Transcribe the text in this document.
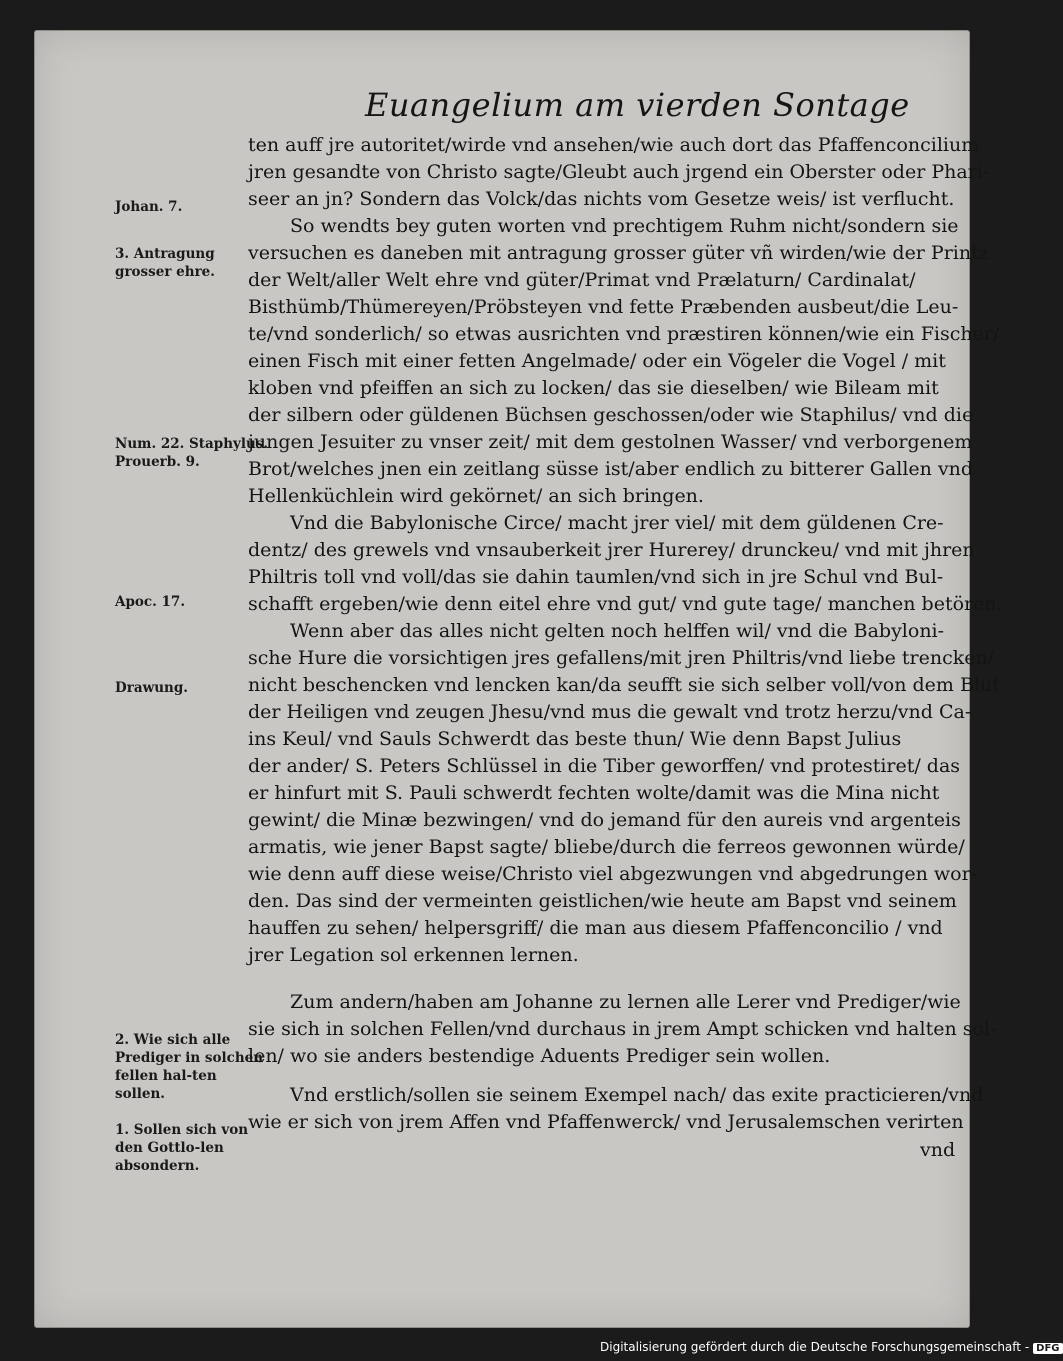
Euangelium am vierden Sontage
Johan. 7.
3. Antragung grosser ehre.
Num. 22. Staphylus. Prouerb. 9.
Apoc. 17.
Drawung.
2. Wie sich alle Prediger in solchen fellen hal-ten sollen.
1. Sollen sich von den Gottlo-len absondern.
ten auff jre autoritet/wirde vnd ansehen/wie auch dort das Pfaffenconcilium
jren gesandte von Christo sagte/Gleubt auch jrgend ein Oberster oder Phari-
seer an jn? Sondern das Volck/das nichts vom Gesetze weis/ ist verflucht.
So wendts bey guten worten vnd prechtigem Ruhm nicht/sondern sie
versuchen es daneben mit antragung grosser güter vñ wirden/wie der Printz
der Welt/aller Welt ehre vnd güter/Primat vnd Prælaturn/ Cardinalat/
Bisthümb/Thümereyen/Pröbsteyen vnd fette Præbenden ausbeut/die Leu-
te/vnd sonderlich/ so etwas ausrichten vnd præstiren können/wie ein Fischer/
einen Fisch mit einer fetten Angelmade/ oder ein Vögeler die Vogel / mit
kloben vnd pfeiffen an sich zu locken/ das sie dieselben/ wie Bileam mit
der silbern oder güldenen Büchsen geschossen/oder wie Staphilus/ vnd die
jungen Jesuiter zu vnser zeit/ mit dem gestolnen Wasser/ vnd verborgenem
Brot/welches jnen ein zeitlang süsse ist/aber endlich zu bitterer Gallen vnd
Hellenküchlein wird gekörnet/ an sich bringen.
Vnd die Babylonische Circe/ macht jrer viel/ mit dem güldenen Cre-
dentz/ des grewels vnd vnsauberkeit jrer Hurerey/ drunckeu/ vnd mit jhren
Philtris toll vnd voll/das sie dahin taumlen/vnd sich in jre Schul vnd Bul-
schafft ergeben/wie denn eitel ehre vnd gut/ vnd gute tage/ manchen betören.
Wenn aber das alles nicht gelten noch helffen wil/ vnd die Babyloni-
sche Hure die vorsichtigen jres gefallens/mit jren Philtris/vnd liebe trencken/
nicht beschencken vnd lencken kan/da seufft sie sich selber voll/von dem Blut
der Heiligen vnd zeugen Jhesu/vnd mus die gewalt vnd trotz herzu/vnd Ca-
ins Keul/ vnd Sauls Schwerdt das beste thun/ Wie denn Bapst Julius
der ander/ S. Peters Schlüssel in die Tiber geworffen/ vnd protestiret/ das
er hinfurt mit S. Pauli schwerdt fechten wolte/damit was die Mina nicht
gewint/ die Minæ bezwingen/ vnd do jemand für den aureis vnd argenteis
armatis, wie jener Bapst sagte/ bliebe/durch die ferreos gewonnen würde/
wie denn auff diese weise/Christo viel abgezwungen vnd abgedrungen wor-
den. Das sind der vermeinten geistlichen/wie heute am Bapst vnd seinem
hauffen zu sehen/ helpersgriff/ die man aus diesem Pfaffenconcilio / vnd
jrer Legation sol erkennen lernen.
Zum andern/haben am Johanne zu lernen alle Lerer vnd Prediger/wie
sie sich in solchen Fellen/vnd durchaus in jrem Ampt schicken vnd halten sol-
len/ wo sie anders bestendige Aduents Prediger sein wollen.
Vnd erstlich/sollen sie seinem Exempel nach/ das exite practicieren/vnd
wie er sich von jrem Affen vnd Pfaffenwerck/ vnd Jerusalemschen verirten
vnd
Digitalisierung gefördert durch die Deutsche Forschungsgemeinschaft - DFG
